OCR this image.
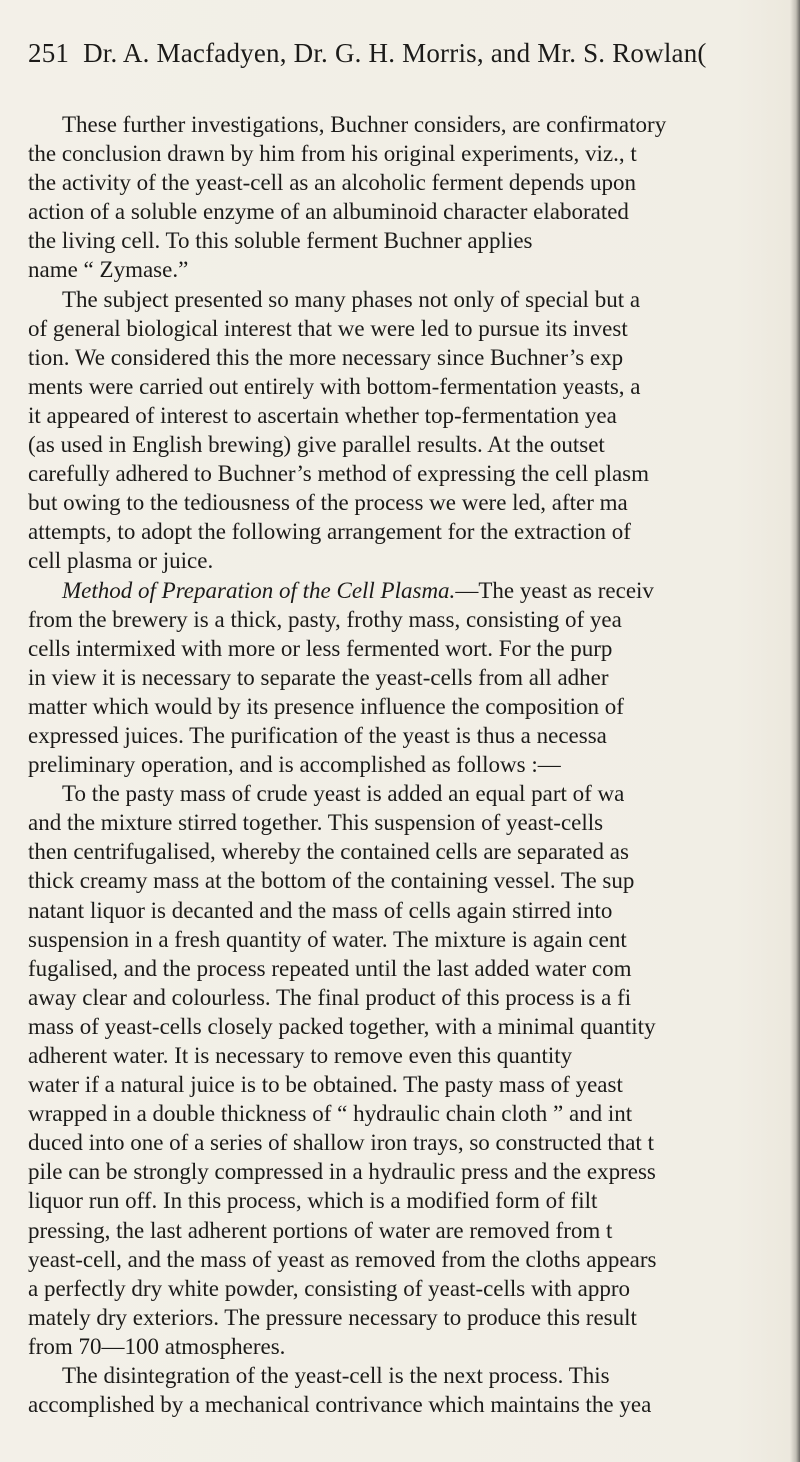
251 Dr. A. Macfadyen, Dr. G. H. Morris, and Mr. S. Rowlan(
These further investigations, Buchner considers, are confirmatory
the conclusion drawn by him from his original experiments, viz., t
the activity of the yeast-cell as an alcoholic ferment depends upon
action of a soluble enzyme of an albuminoid character elaborated
the living cell. To this soluble ferment Buchner applies
name “ Zymase.”
The subject presented so many phases not only of special but a
of general biological interest that we were led to pursue its invest
tion. We considered this the more necessary since Buchner’s exp
ments were carried out entirely with bottom-fermentation yeasts, a
it appeared of interest to ascertain whether top-fermentation yea
(as used in English brewing) give parallel results. At the outset
carefully adhered to Buchner’s method of expressing the cell plasm
but owing to the tediousness of the process we were led, after ma
attempts, to adopt the following arrangement for the extraction of
cell plasma or juice.
Method of Preparation of the Cell Plasma.—The yeast as receiv
from the brewery is a thick, pasty, frothy mass, consisting of yea
cells intermixed with more or less fermented wort. For the purp
in view it is necessary to separate the yeast-cells from all adher
matter which would by its presence influence the composition of
expressed juices. The purification of the yeast is thus a necessa
preliminary operation, and is accomplished as follows :—
To the pasty mass of crude yeast is added an equal part of wa
and the mixture stirred together. This suspension of yeast-cells
then centrifugalised, whereby the contained cells are separated as
thick creamy mass at the bottom of the containing vessel. The sup
natant liquor is decanted and the mass of cells again stirred into
suspension in a fresh quantity of water. The mixture is again cent
fugalised, and the process repeated until the last added water com
away clear and colourless. The final product of this process is a fi
mass of yeast-cells closely packed together, with a minimal quantity
adherent water. It is necessary to remove even this quantity
water if a natural juice is to be obtained. The pasty mass of yeast
wrapped in a double thickness of “ hydraulic chain cloth ” and int
duced into one of a series of shallow iron trays, so constructed that t
pile can be strongly compressed in a hydraulic press and the express
liquor run off. In this process, which is a modified form of filt
pressing, the last adherent portions of water are removed from t
yeast-cell, and the mass of yeast as removed from the cloths appears
a perfectly dry white powder, consisting of yeast-cells with appro
mately dry exteriors. The pressure necessary to produce this result
from 70—100 atmospheres.
The disintegration of the yeast-cell is the next process. This
accomplished by a mechanical contrivance which maintains the yea
